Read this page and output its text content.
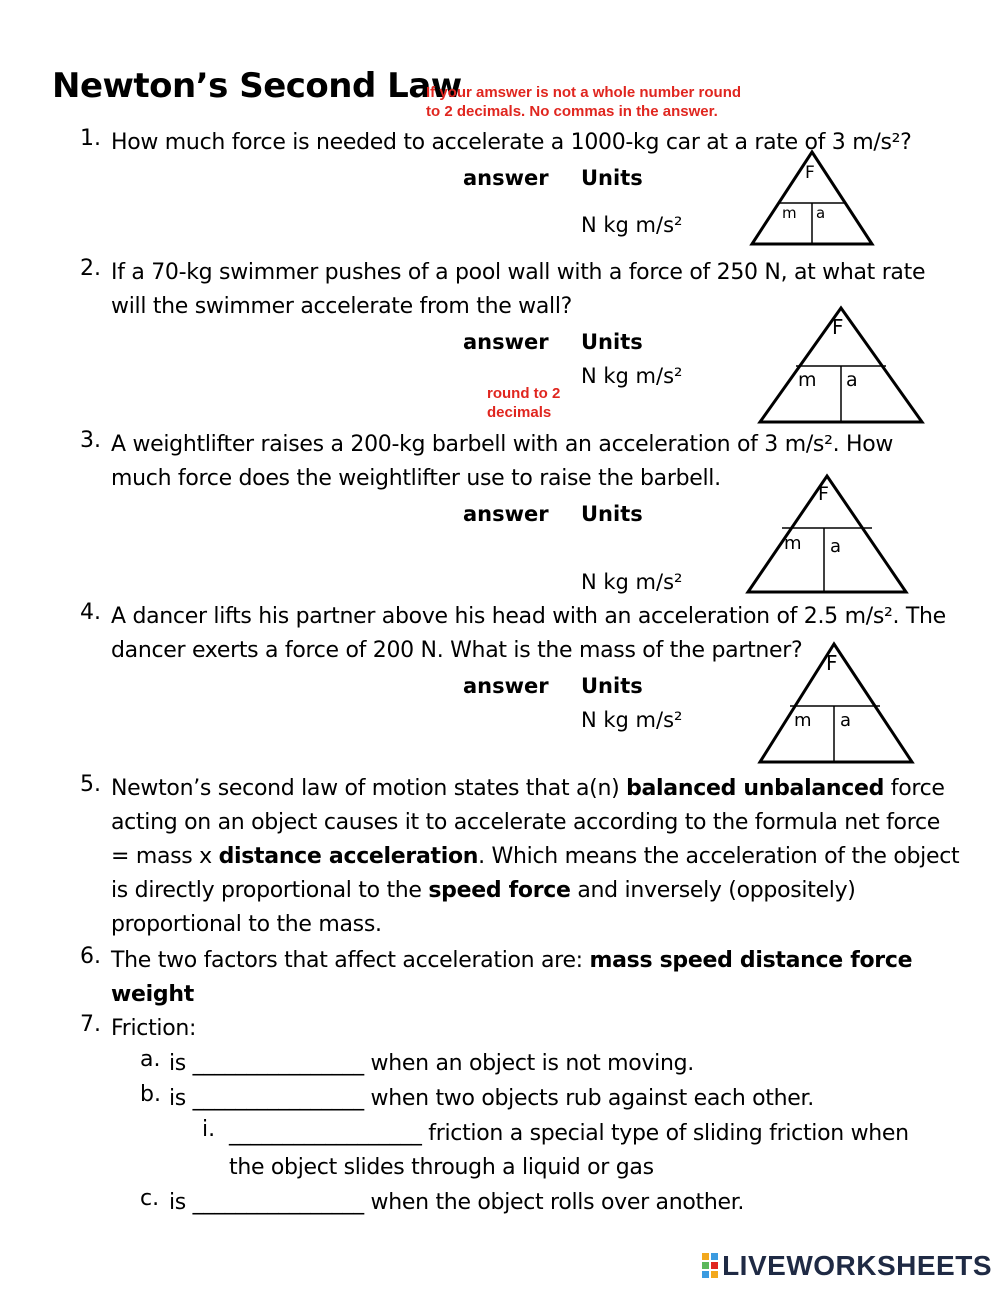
Newton’s Second Law
If your amswer is not a whole number round
to 2 decimals. No commas in the answer.
1. How much force is needed to accelerate a 1000-kg car at a rate of 3 m/s²?
answer Units
N kg m/s²
F
m a
2. If a 70-kg swimmer pushes of a pool wall with a force of 250 N, at what rate
will the swimmer accelerate from the wall?
answer Units
N kg m/s²
round to 2
decimals
F
m a
3. A weightlifter raises a 200-kg barbell with an acceleration of 3 m/s². How
much force does the weightlifter use to raise the barbell.
answer Units
N kg m/s²
F
m a
4. A dancer lifts his partner above his head with an acceleration of 2.5 m/s². The
dancer exerts a force of 200 N. What is the mass of the partner?
answer Units
N kg m/s²
F
m a
5. Newton’s second law of motion states that a(n) balanced unbalanced force
acting on an object causes it to accelerate according to the formula net force
= mass x distance acceleration. Which means the acceleration of the object
is directly proportional to the speed force and inversely (oppositely)
proportional to the mass.
6. The two factors that affect acceleration are: mass speed distance force
weight
7. Friction:
a. is ________________ when an object is not moving.
b. is ________________ when two objects rub against each other.
i. __________________ friction a special type of sliding friction when
the object slides through a liquid or gas
c. is ________________ when the object rolls over another.
LIVEWORKSHEETS
